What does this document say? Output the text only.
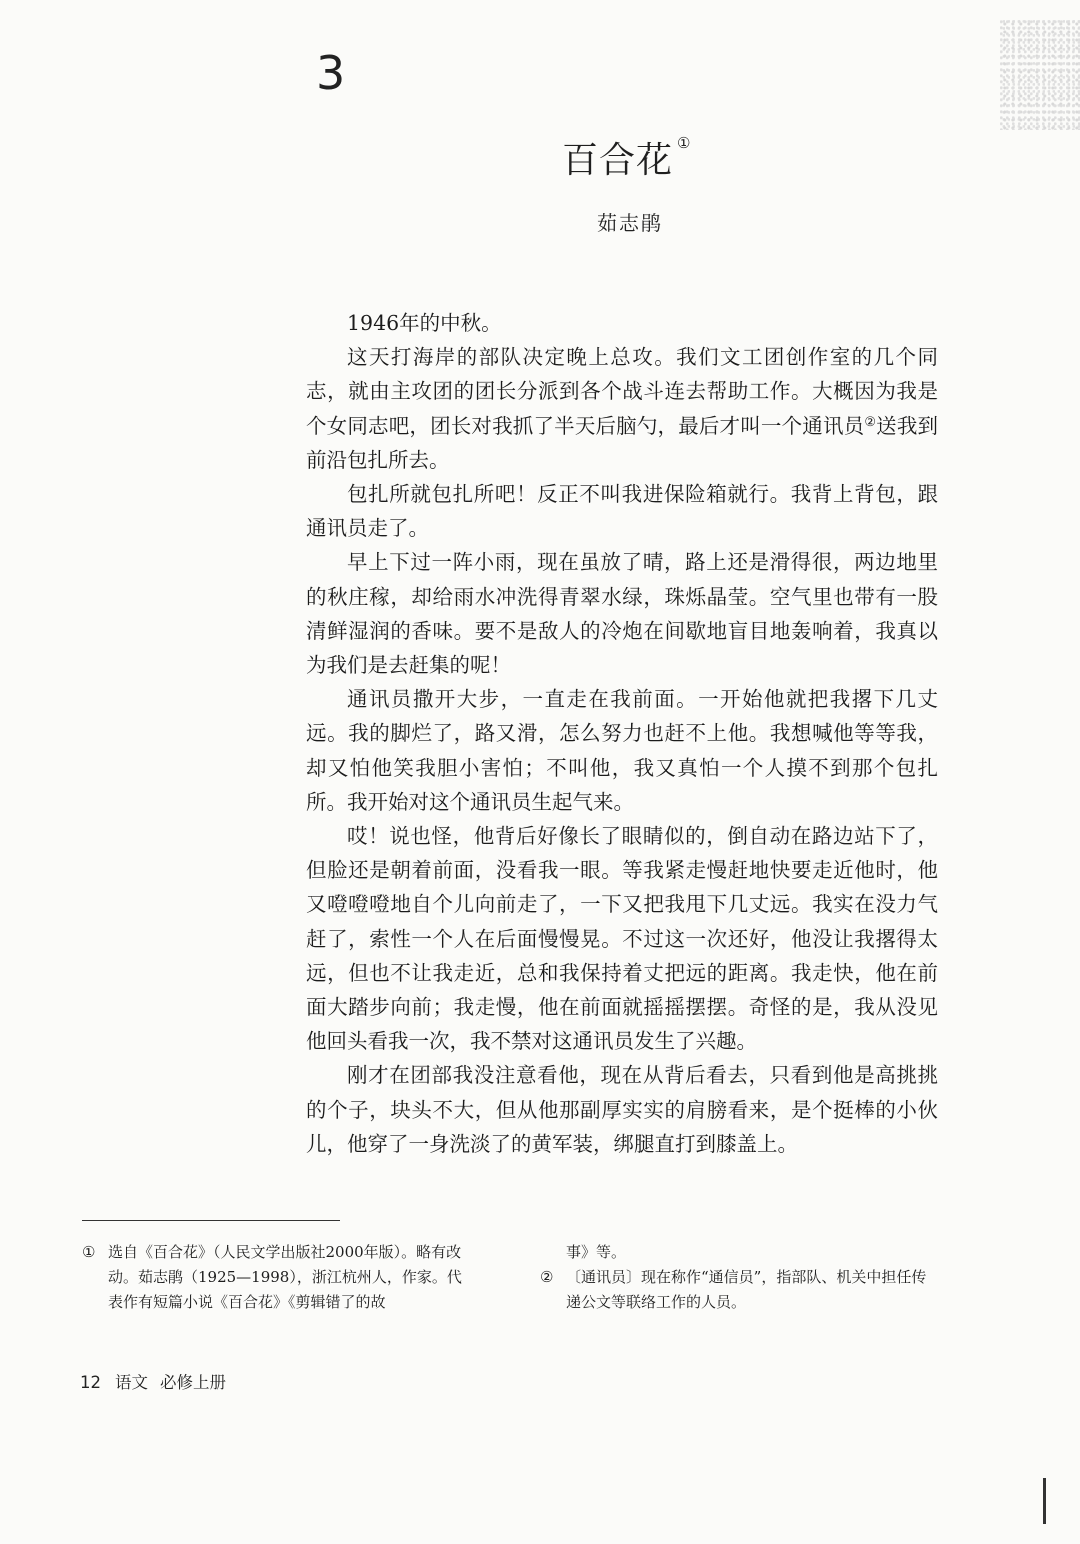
3
百合花 ①
茹志鹃

1946年的中秋。

这天打海岸的部队决定晚上总攻。我们文工团创作室的几个同志，就由主攻团的团长分派到各个战斗连去帮助工作。大概因为我是个女同志吧，团长对我抓了半天后脑勺，最后才叫一个通讯员②送我到前沿包扎所去。

包扎所就包扎所吧！反正不叫我进保险箱就行。我背上背包，跟通讯员走了。

早上下过一阵小雨，现在虽放了晴，路上还是滑得很，两边地里的秋庄稼，却给雨水冲洗得青翠水绿，珠烁晶莹。空气里也带有一股清鲜湿润的香味。要不是敌人的冷炮在间歇地盲目地轰响着，我真以为我们是去赶集的呢！

通讯员撒开大步，一直走在我前面。一开始他就把我撂下几丈远。我的脚烂了，路又滑，怎么努力也赶不上他。我想喊他等等我，却又怕他笑我胆小害怕；不叫他，我又真怕一个人摸不到那个包扎所。我开始对这个通讯员生起气来。

哎！说也怪，他背后好像长了眼睛似的，倒自动在路边站下了，但脸还是朝着前面，没看我一眼。等我紧走慢赶地快要走近他时，他又噔噔噔地自个儿向前走了，一下又把我甩下几丈远。我实在没力气赶了，索性一个人在后面慢慢晃。不过这一次还好，他没让我撂得太远，但也不让我走近，总和我保持着丈把远的距离。我走快，他在前面大踏步向前；我走慢，他在前面就摇摇摆摆。奇怪的是，我从没见他回头看我一次，我不禁对这通讯员发生了兴趣。

刚才在团部我没注意看他，现在从背后看去，只看到他是高挑挑的个子，块头不大，但从他那副厚实实的肩膀看来，是个挺棒的小伙儿，他穿了一身洗淡了的黄军装，绑腿直打到膝盖上。

① 选自《百合花》（人民文学出版社2000年版）。略有改动。茹志鹃（1925—1998），浙江杭州人，作家。代表作有短篇小说《百合花》《剪辑错了的故

事》等。

② 〔通讯员〕现在称作“通信员”，指部队、机关中担任传递公文等联络工作的人员。

12 语文 必修上册
